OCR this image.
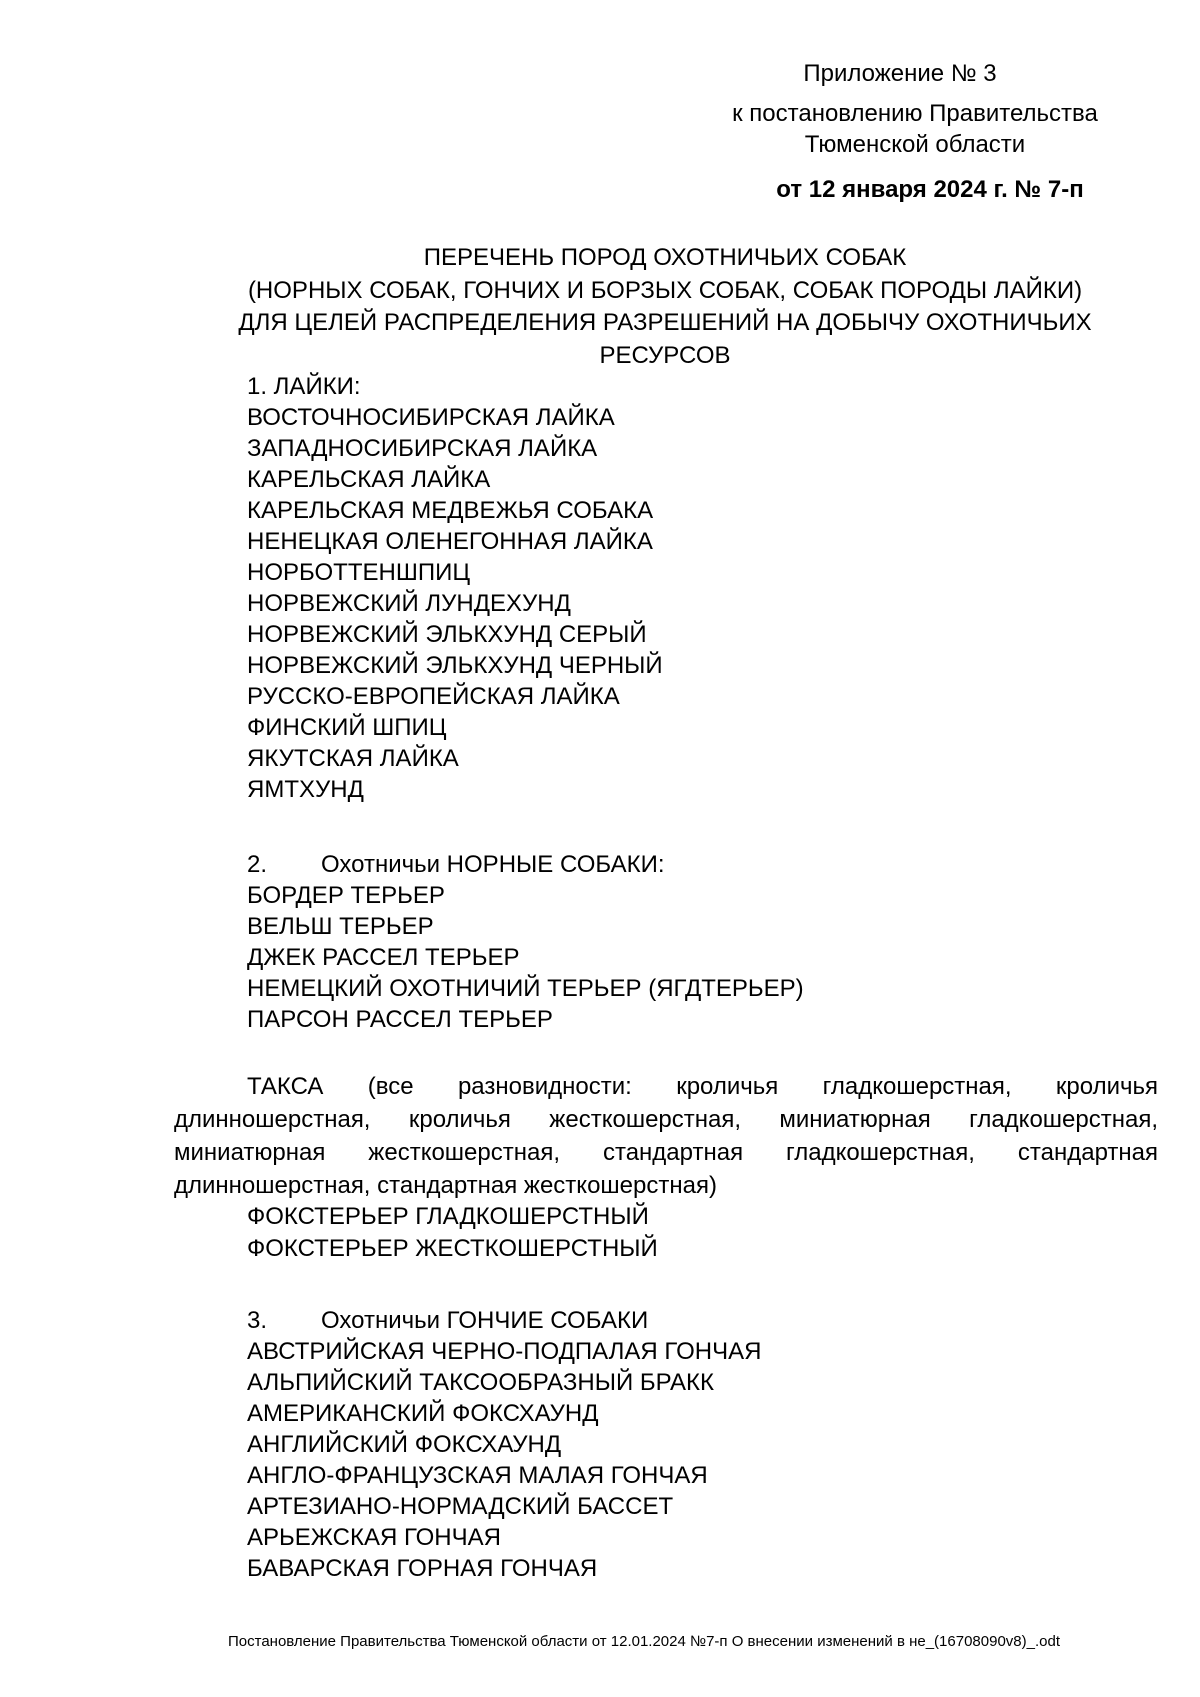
Приложение № 3
к постановлению Правительства
Тюменской области
от 12 января 2024 г. № 7-п
ПЕРЕЧЕНЬ ПОРОД ОХОТНИЧЬИХ СОБАК
(НОРНЫХ СОБАК, ГОНЧИХ И БОРЗЫХ СОБАК, СОБАК ПОРОДЫ ЛАЙКИ)
ДЛЯ ЦЕЛЕЙ РАСПРЕДЕЛЕНИЯ РАЗРЕШЕНИЙ НА ДОБЫЧУ ОХОТНИЧЬИХ
РЕСУРСОВ
1. ЛАЙКИ:
ВОСТОЧНОСИБИРСКАЯ ЛАЙКА
ЗАПАДНОСИБИРСКАЯ ЛАЙКА
КАРЕЛЬСКАЯ ЛАЙКА
КАРЕЛЬСКАЯ МЕДВЕЖЬЯ СОБАКА
НЕНЕЦКАЯ ОЛЕНЕГОННАЯ ЛАЙКА
НОРБОТТЕНШПИЦ
НОРВЕЖСКИЙ ЛУНДЕХУНД
НОРВЕЖСКИЙ ЭЛЬКХУНД СЕРЫЙ
НОРВЕЖСКИЙ ЭЛЬКХУНД ЧЕРНЫЙ
РУССКО-ЕВРОПЕЙСКАЯ ЛАЙКА
ФИНСКИЙ ШПИЦ
ЯКУТСКАЯ ЛАЙКА
ЯМТХУНД
2. Охотничьи НОРНЫЕ СОБАКИ:
БОРДЕР ТЕРЬЕР
ВЕЛЬШ ТЕРЬЕР
ДЖЕК РАССЕЛ ТЕРЬЕР
НЕМЕЦКИЙ ОХОТНИЧИЙ ТЕРЬЕР (ЯГДТЕРЬЕР)
ПАРСОН РАССЕЛ ТЕРЬЕР
ТАКСА (все разновидности: кроличья гладкошерстная, кроличья длинношерстная, кроличья жесткошерстная, миниатюрная гладкошерстная, миниатюрная жесткошерстная, стандартная гладкошерстная, стандартная длинношерстная, стандартная жесткошерстная)
ФОКСТЕРЬЕР ГЛАДКОШЕРСТНЫЙ
ФОКСТЕРЬЕР ЖЕСТКОШЕРСТНЫЙ
3. Охотничьи ГОНЧИЕ СОБАКИ
АВСТРИЙСКАЯ ЧЕРНО-ПОДПАЛАЯ ГОНЧАЯ
АЛЬПИЙСКИЙ ТАКСООБРАЗНЫЙ БРАКК
АМЕРИКАНСКИЙ ФОКСХАУНД
АНГЛИЙСКИЙ ФОКСХАУНД
АНГЛО-ФРАНЦУЗСКАЯ МАЛАЯ ГОНЧАЯ
АРТЕЗИАНО-НОРМАДСКИЙ БАССЕТ
АРЬЕЖСКАЯ ГОНЧАЯ
БАВАРСКАЯ ГОРНАЯ ГОНЧАЯ
Постановление Правительства Тюменской области от 12.01.2024 №7-п О внесении изменений в не_(16708090v8)_.odt
